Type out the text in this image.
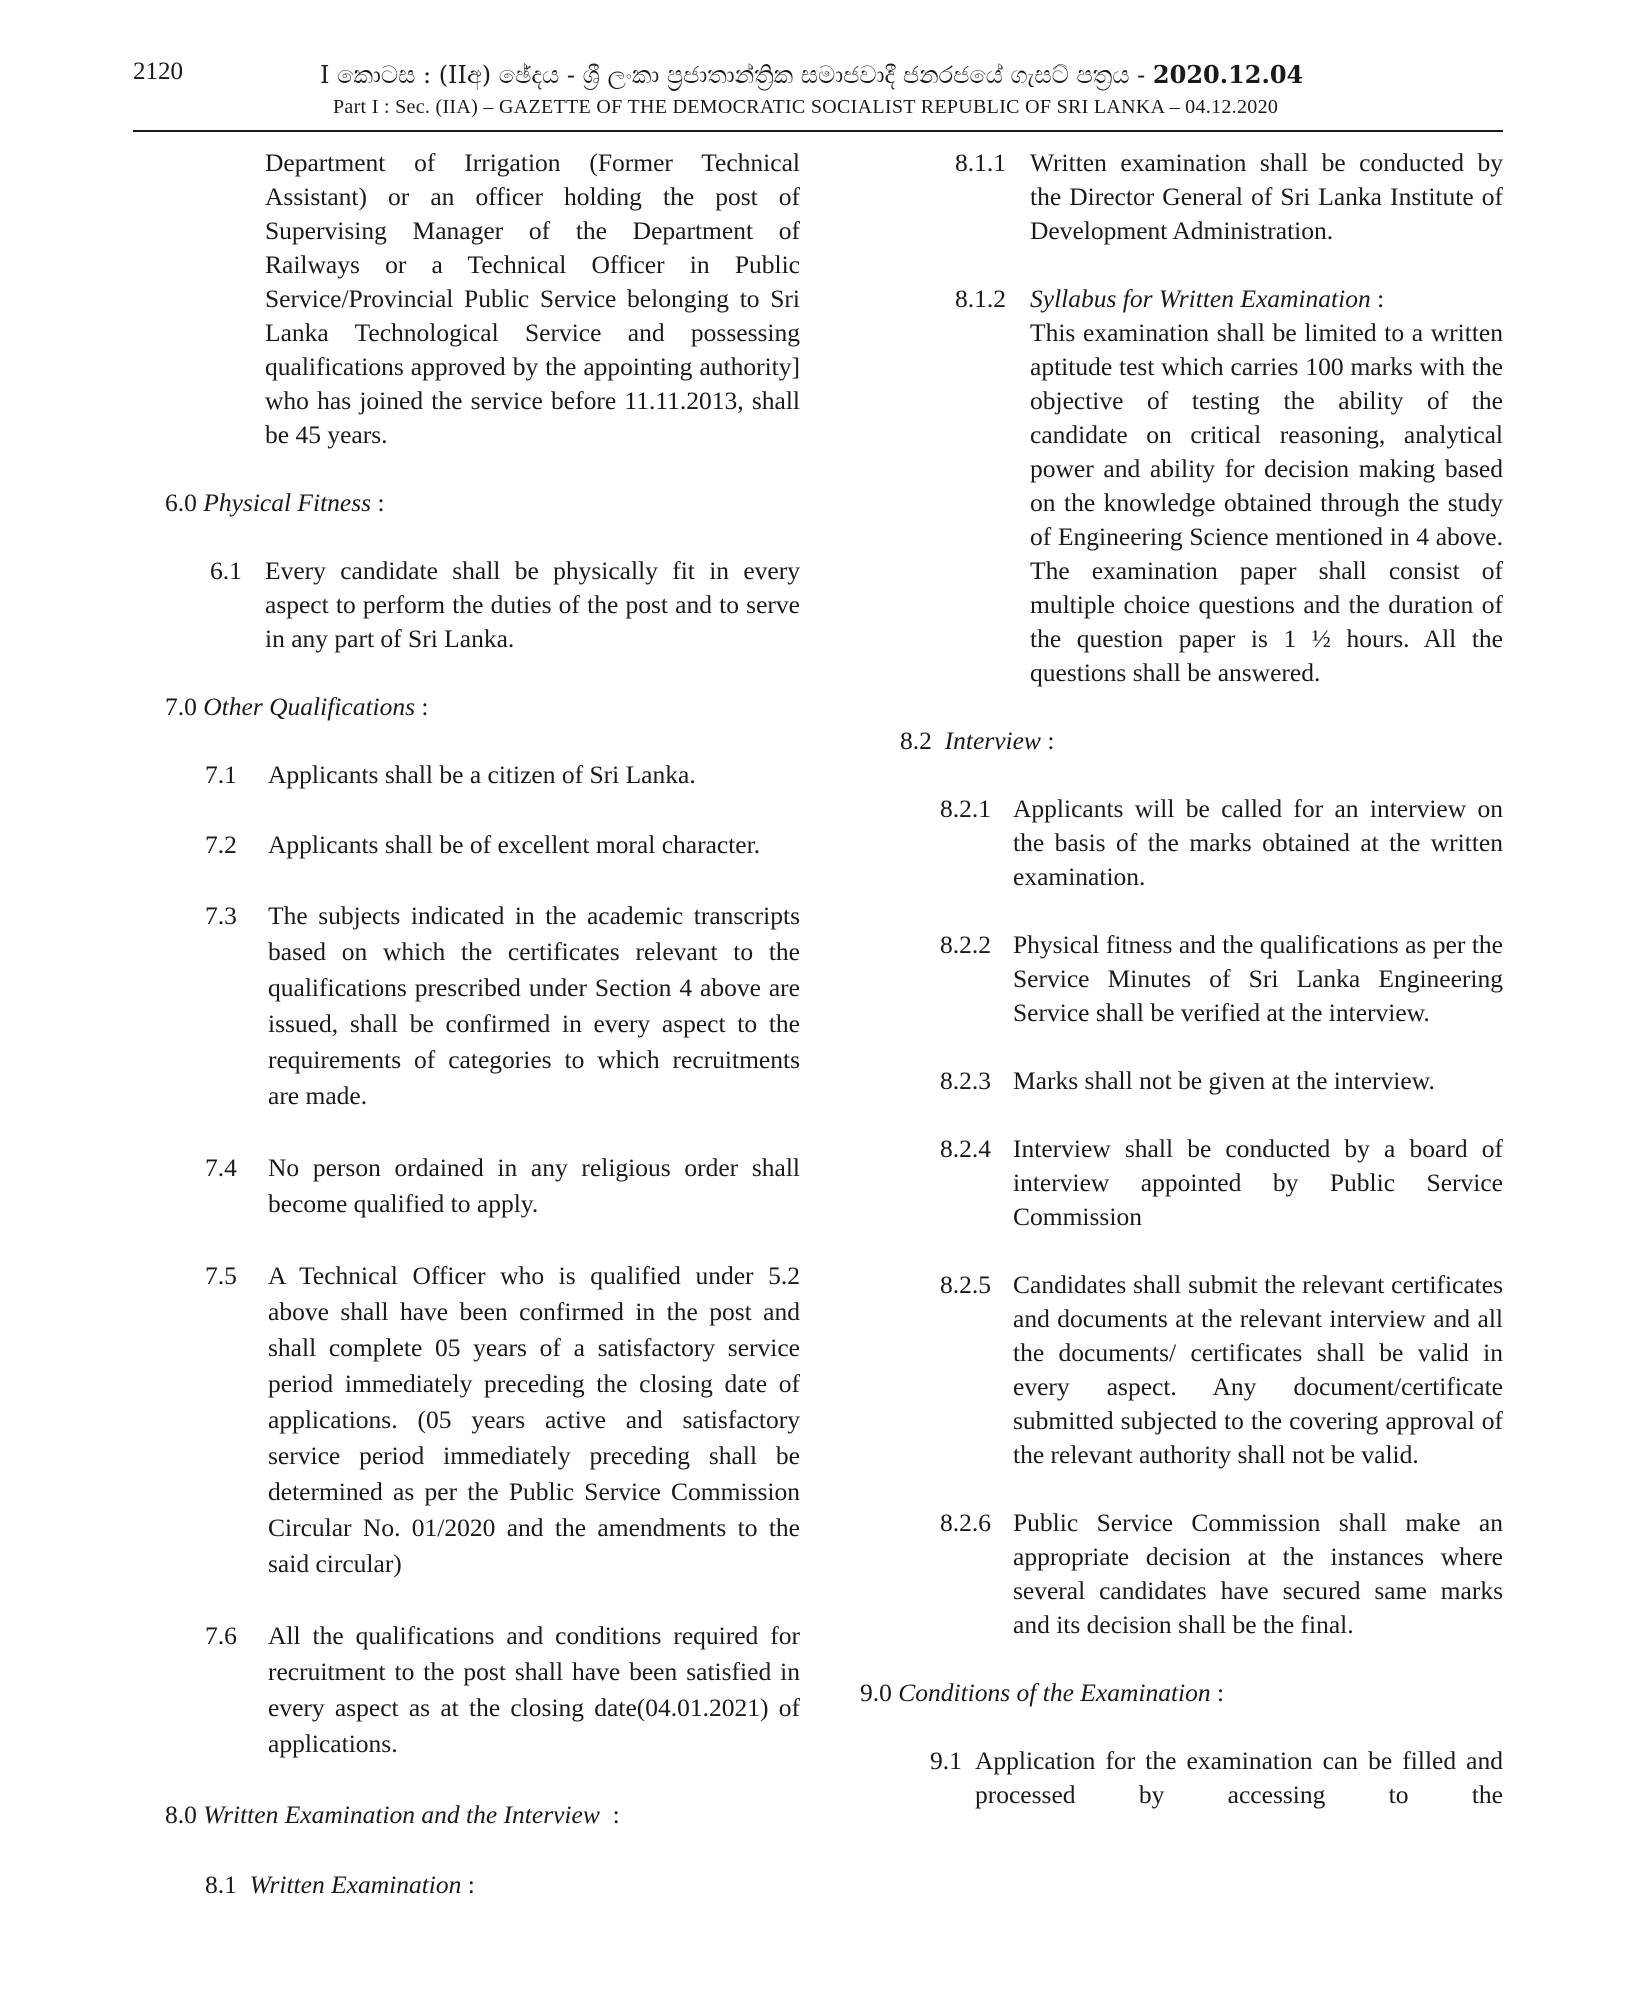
2120	I කොටස : (IIඅ) ඡේදය - ශ්‍රී ලංකා ප්‍රජාතාන්ත්‍රික සමාජවාදී ජනරජයේ ගැසට් පත්‍රය - 2020.12.04
Part I : Sec. (IIA) – GAZETTE OF THE DEMOCRATIC SOCIALIST REPUBLIC OF SRI LANKA – 04.12.2020

Department of Irrigation (Former Technical Assistant) or an officer holding the post of Supervising Manager of the Department of Railways or a Technical Officer in Public Service/Provincial Public Service belonging to Sri Lanka Technological Service and possessing qualifications approved by the appointing authority] who has joined the service before 11.11.2013, shall be 45 years.

6.0 Physical Fitness :

6.1 Every candidate shall be physically fit in every aspect to perform the duties of the post and to serve in any part of Sri Lanka.

7.0 Other Qualifications :

7.1	Applicants shall be a citizen of Sri Lanka.
7.2	Applicants shall be of excellent moral character.
7.3	The subjects indicated in the academic transcripts based on which the certificates relevant to the qualifications prescribed under Section 4 above are issued, shall be confirmed in every aspect to the requirements of categories to which recruitments are made.
7.4	No person ordained in any religious order shall become qualified to apply.
7.5	A Technical Officer who is qualified under 5.2 above shall have been confirmed in the post and shall complete 05 years of a satisfactory service period immediately preceding the closing date of applications. (05 years active and satisfactory service period immediately preceding shall be determined as per the Public Service Commission Circular No. 01/2020 and the amendments to the said circular)
7.6	All the qualifications and conditions required for recruitment to the post shall have been satisfied in every aspect as at the closing date(04.01.2021) of applications.

8.0 Written Examination and the Interview  :

8.1 Written Examination :

8.1.1 Written examination shall be conducted by the Director General of Sri Lanka Institute of Development Administration.
8.1.2 Syllabus for Written Examination :

This examination shall be limited to a written aptitude test which carries 100 marks with the objective of testing the ability of the candidate on critical reasoning, analytical power and ability for decision making based on the knowledge obtained through the study of Engineering Science mentioned in 4 above. The examination paper shall consist of multiple choice questions and the duration of the question paper is 1 ½ hours. All the questions shall be answered.

8.2 Interview :

8.2.1 Applicants will be called for an interview on the basis of the marks obtained at the written examination.
8.2.2 Physical fitness and the qualifications as per the Service Minutes of Sri Lanka Engineering Service shall be verified at the interview.
8.2.3 Marks shall not be given at the interview.
8.2.4 Interview shall be conducted by a board of interview appointed by Public Service Commission
8.2.5 Candidates shall submit the relevant certificates and documents at the relevant interview and all the documents/ certificates shall be valid in every aspect. Any document/certificate submitted subjected to the covering approval of the relevant authority shall not be valid.
8.2.6 Public Service Commission shall make an appropriate decision at the instances where several candidates have secured same marks and its decision shall be the final.

9.0 Conditions of the Examination :

9.1 Application for the examination can be filled and processed by accessing to the
